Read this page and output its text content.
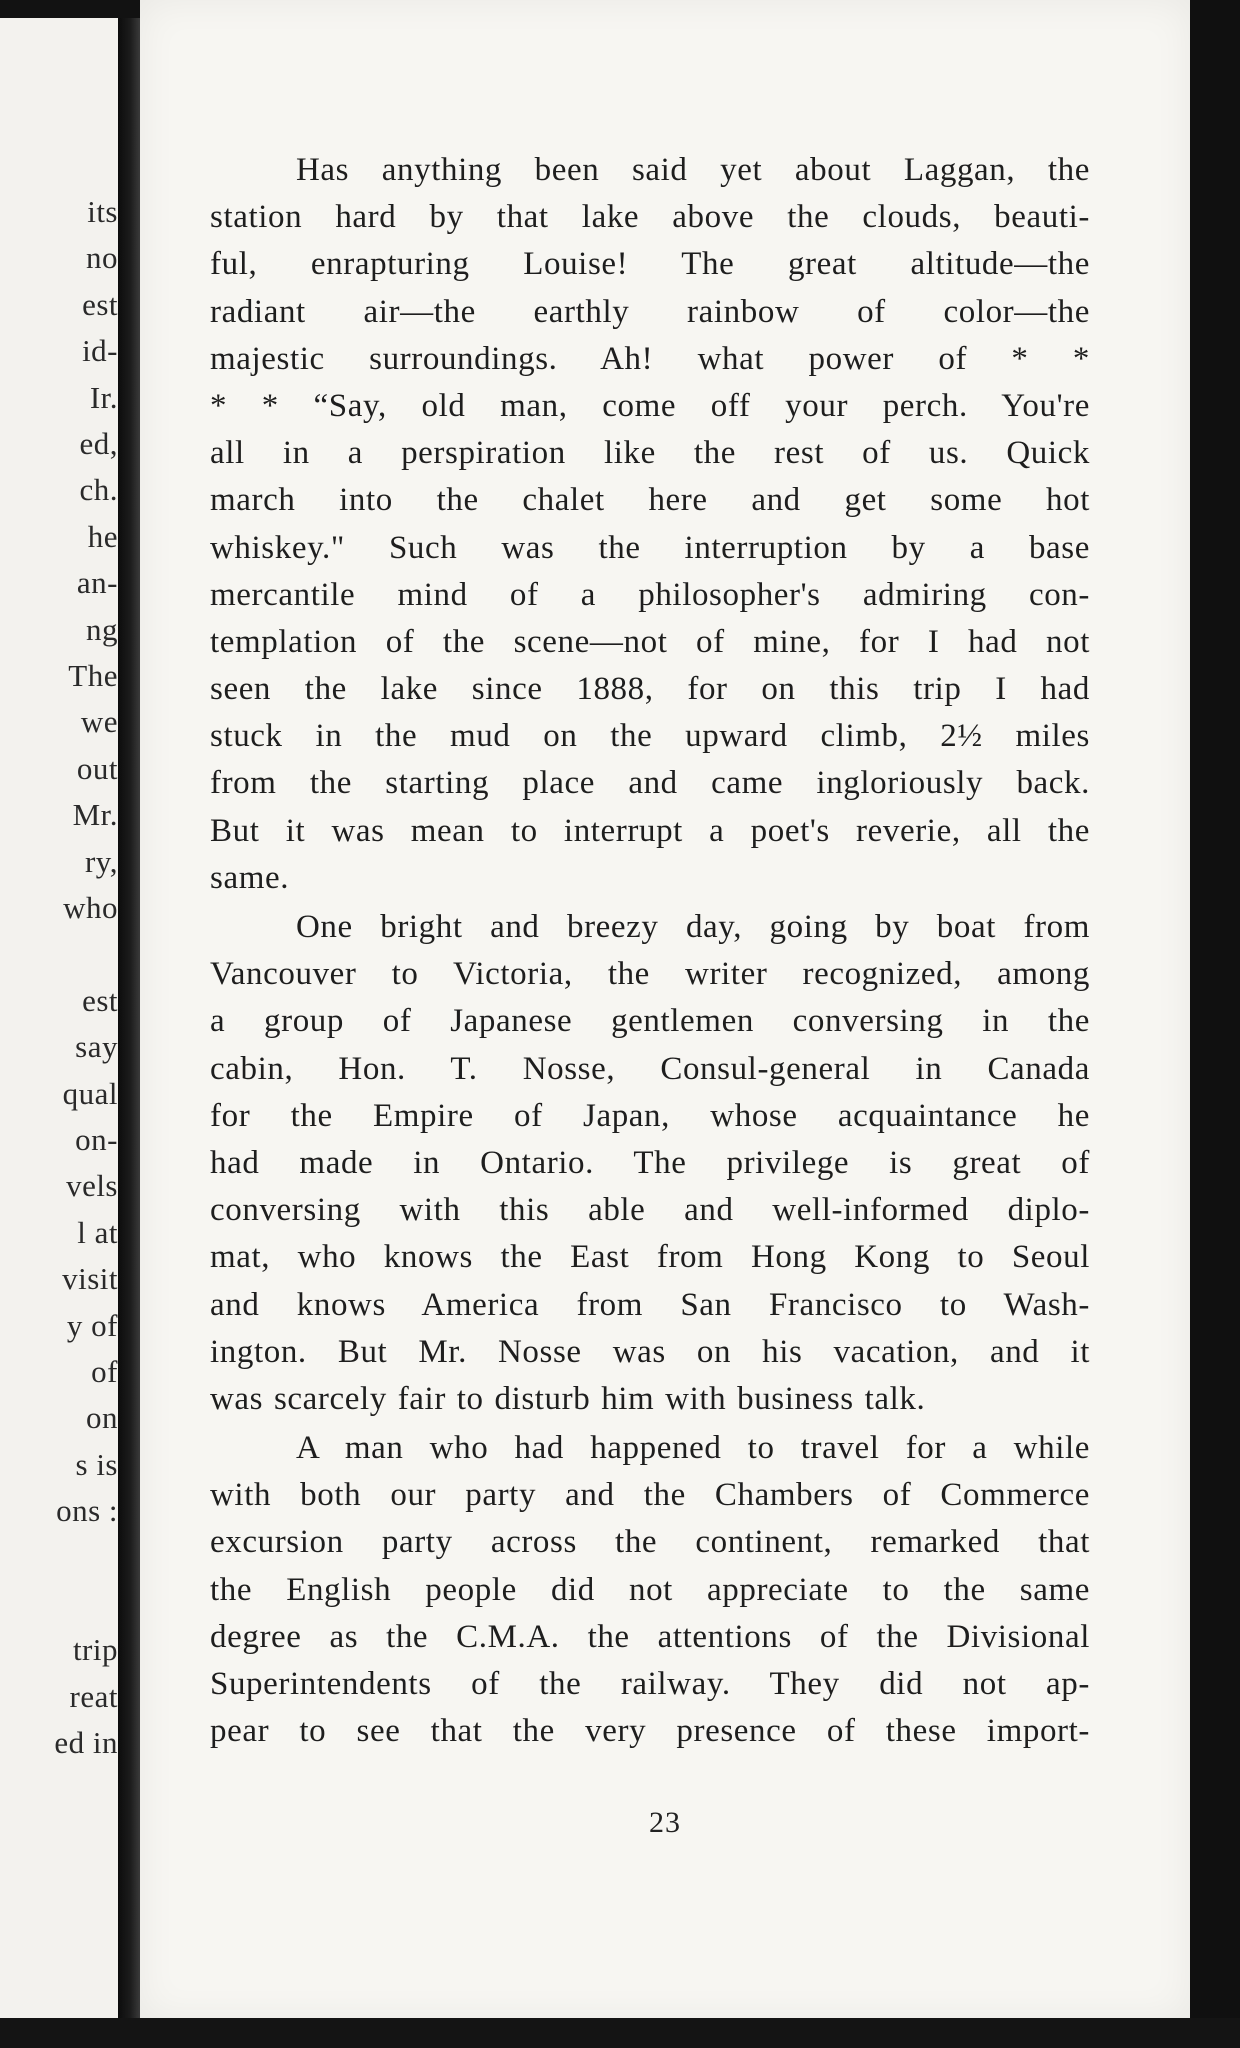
its
no
est
id-
Ir.
ed,
ch.
he
an-
ng
The
we
out
Mr.
ry,
who
est
say
qual
on-
vels
l at
visit
y of
of
on
s is
ons :
trip
reat
ed in
23
Has anything been said yet about Laggan, the
station hard by that lake above the clouds, beauti-
ful, enrapturing Louise! The great altitude—the
radiant air—the earthly rainbow of color—the
majestic surroundings. Ah! what power of * *
* * “Say, old man, come off your perch. You're
all in a perspiration like the rest of us. Quick
march into the chalet here and get some hot
whiskey." Such was the interruption by a base
mercantile mind of a philosopher's admiring con-
templation of the scene—not of mine, for I had not
seen the lake since 1888, for on this trip I had
stuck in the mud on the upward climb, 2½ miles
from the starting place and came ingloriously back.
But it was mean to interrupt a poet's reverie, all the
same.
One bright and breezy day, going by boat from
Vancouver to Victoria, the writer recognized, among
a group of Japanese gentlemen conversing in the
cabin, Hon. T. Nosse, Consul-general in Canada
for the Empire of Japan, whose acquaintance he
had made in Ontario. The privilege is great of
conversing with this able and well-informed diplo-
mat, who knows the East from Hong Kong to Seoul
and knows America from San Francisco to Wash-
ington. But Mr. Nosse was on his vacation, and it
was scarcely fair to disturb him with business talk.
A man who had happened to travel for a while
with both our party and the Chambers of Commerce
excursion party across the continent, remarked that
the English people did not appreciate to the same
degree as the C.M.A. the attentions of the Divisional
Superintendents of the railway. They did not ap-
pear to see that the very presence of these import-
